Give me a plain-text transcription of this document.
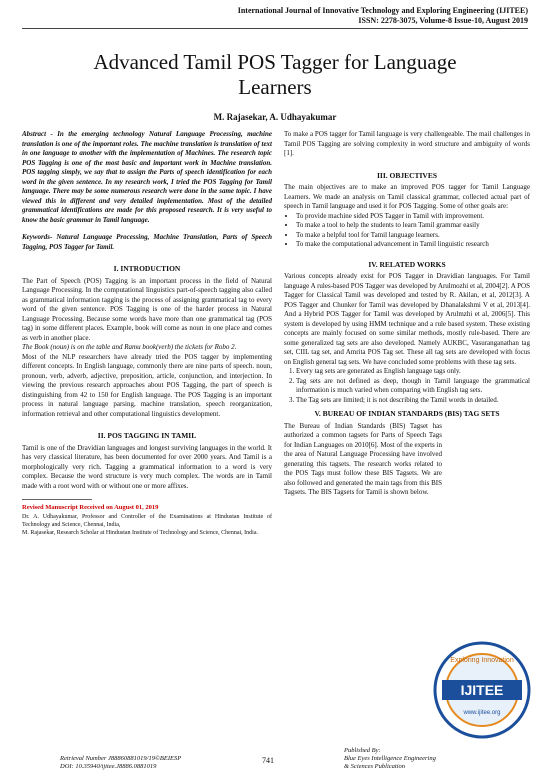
International Journal of Innovative Technology and Exploring Engineering (IJITEE)
ISSN: 2278-3075, Volume-8 Issue-10, August 2019
Advanced Tamil POS Tagger for Language Learners
M. Rajasekar, A. Udhayakumar
Abstract - In the emerging technology Natural Language Processing, machine translation is one of the important roles. The machine translation is translation of text in one language to another with the implementation of Machines. The research topic POS Tagging is one of the most basic and important work in Machine translation. POS tagging simply, we say that to assign the Parts of speech identification for each word in the given sentence. In my research work, I tried the POS Tagging for Tamil language. There may be some numerous research were done in the same topic. I have viewed this in different and very detailed implementation. Most of the detailed grammatical identifications are made for this proposed research. It is very useful to know the basic grammar in Tamil language.
Keywords- Natural Language Processing, Machine Translation, Parts of Speech Tagging, POS Tagger for Tamil.
I. INTRODUCTION
The Part of Speech (POS) Tagging is an important process in the field of Natural Language Processing. In the computational linguistics part-of-speech tagging also called as grammatical information tagging is the process of assigning grammatical tag to every word of the given sentence. POS Tagging is one of the harder process in Natural Language Processing. Because some words have more than one grammatical tag (POS tag) in some different places. Example, book will come as noun in one place and comes as verb in another place.
The Book (noun) is on the table and Ramu book(verb) the tickets for Robo 2.
Most of the NLP researchers have already tried the POS tagger by implementing different concepts. In English language, commonly there are nine parts of speech. noun, pronoun, verb, adverb, adjective, preposition, article, conjunction, and interjection. In viewing the previous research approaches about POS Tagging, the part of speech is distinguishing from 42 to 150 for English language. The POS Tagging is an important process in natural language parsing, machine translation, speech reorganization, information retrieval and other computational linguistics development.
II. POS TAGGING IN TAMIL
Tamil is one of the Dravidian languages and longest surviving languages in the world. It has very classical literature, has been documented for over 2000 years. And Tamil is a morphologically very rich. Tagging a grammatical information to a word is very complex. Because the word structure is very much complex. The words are in Tamil made with a root word with or without one or more affixes.
Revised Manuscript Received on August 01, 2019
Dr. A. Udhayakumar, Professor and Controller of the Examinations at Hindustan Institute of Technology and Science, Chennai, India,
M. Rajasekar, Research Scholar at Hindustan Institute of Technology and Science, Chennai, India.
To make a POS tagger for Tamil language is very challengeable. The mail challenges in Tamil POS Tagging are solving complexity in word structure and ambiguity of words [1].
III. OBJECTIVES
The main objectives are to make an improved POS tagger for Tamil Language Learners. We made an analysis on Tamil classical grammar, collected actual part of speech in Tamil language and used it for POS Tagging. Some of other goals are:
• To provide machine sided POS Tagger in Tamil with improvement.
• To make a tool to help the students to learn Tamil grammar easily
• To make a helpful tool for Tamil language learners.
• To make the computational advancement in Tamil linguistic research
IV. RELATED WORKS
Various concepts already exist for POS Tagger in Dravidian languages. For Tamil language A rules-based POS Tagger was developed by Arulmozhi et al, 2004[2]. A POS Tagger for Classical Tamil was developed and tested by R. Akilan, et al, 2012[3]. A POS Tagger and Chunker for Tamil was developed by Dhanalakshmi V et al, 2013[4]. And a Hybrid POS Tagger for Tamil was developed by Arulmzhi et al, 2006[5]. This system is developed by using HMM technique and a rule based system. These existing concepts are mainly focused on some similar methods, mostly rule-based. There are some generalized tag sets are also developed. Namely AUKBC, Vasuranganathan tag set, CIIL tag set, and Amrita POS Tag set. These all tag sets are developed with focus on English general tag sets. We have concluded some problems with these tag sets.
1. Every tag sets are generated as English language tags only.
2. Tag sets are not defined as deep, though in Tamil language the grammatical information is much varied when comparing with English tag sets.
3. The Tag sets are limited; it is not describing the Tamil words in detailed.
V. BUREAU OF INDIAN STANDARDS (BIS) TAG SETS
The Bureau of Indian Standards (BIS) Tagset has authorized a common tagsets for Parts of Speech Tags for Indian Languages on 2010[6]. Most of the experts in the area of Natural Language Processing have involved generating this tagsets. The research works related to the POS Tags must follow these BIS Tagsets. We are also followed and generated the main tags from this BIS Tagsets. The BIS Tagsets for Tamil is shown below.
IJITEE
Exploring Innovation
www.ijitee.org
Retrieval Number J88860881019/19©BEIESP
DOI: 10.35940/ijitee.J8886.0881019
741
Published By:
Blue Eyes Intelligence Engineering
& Sciences Publication
